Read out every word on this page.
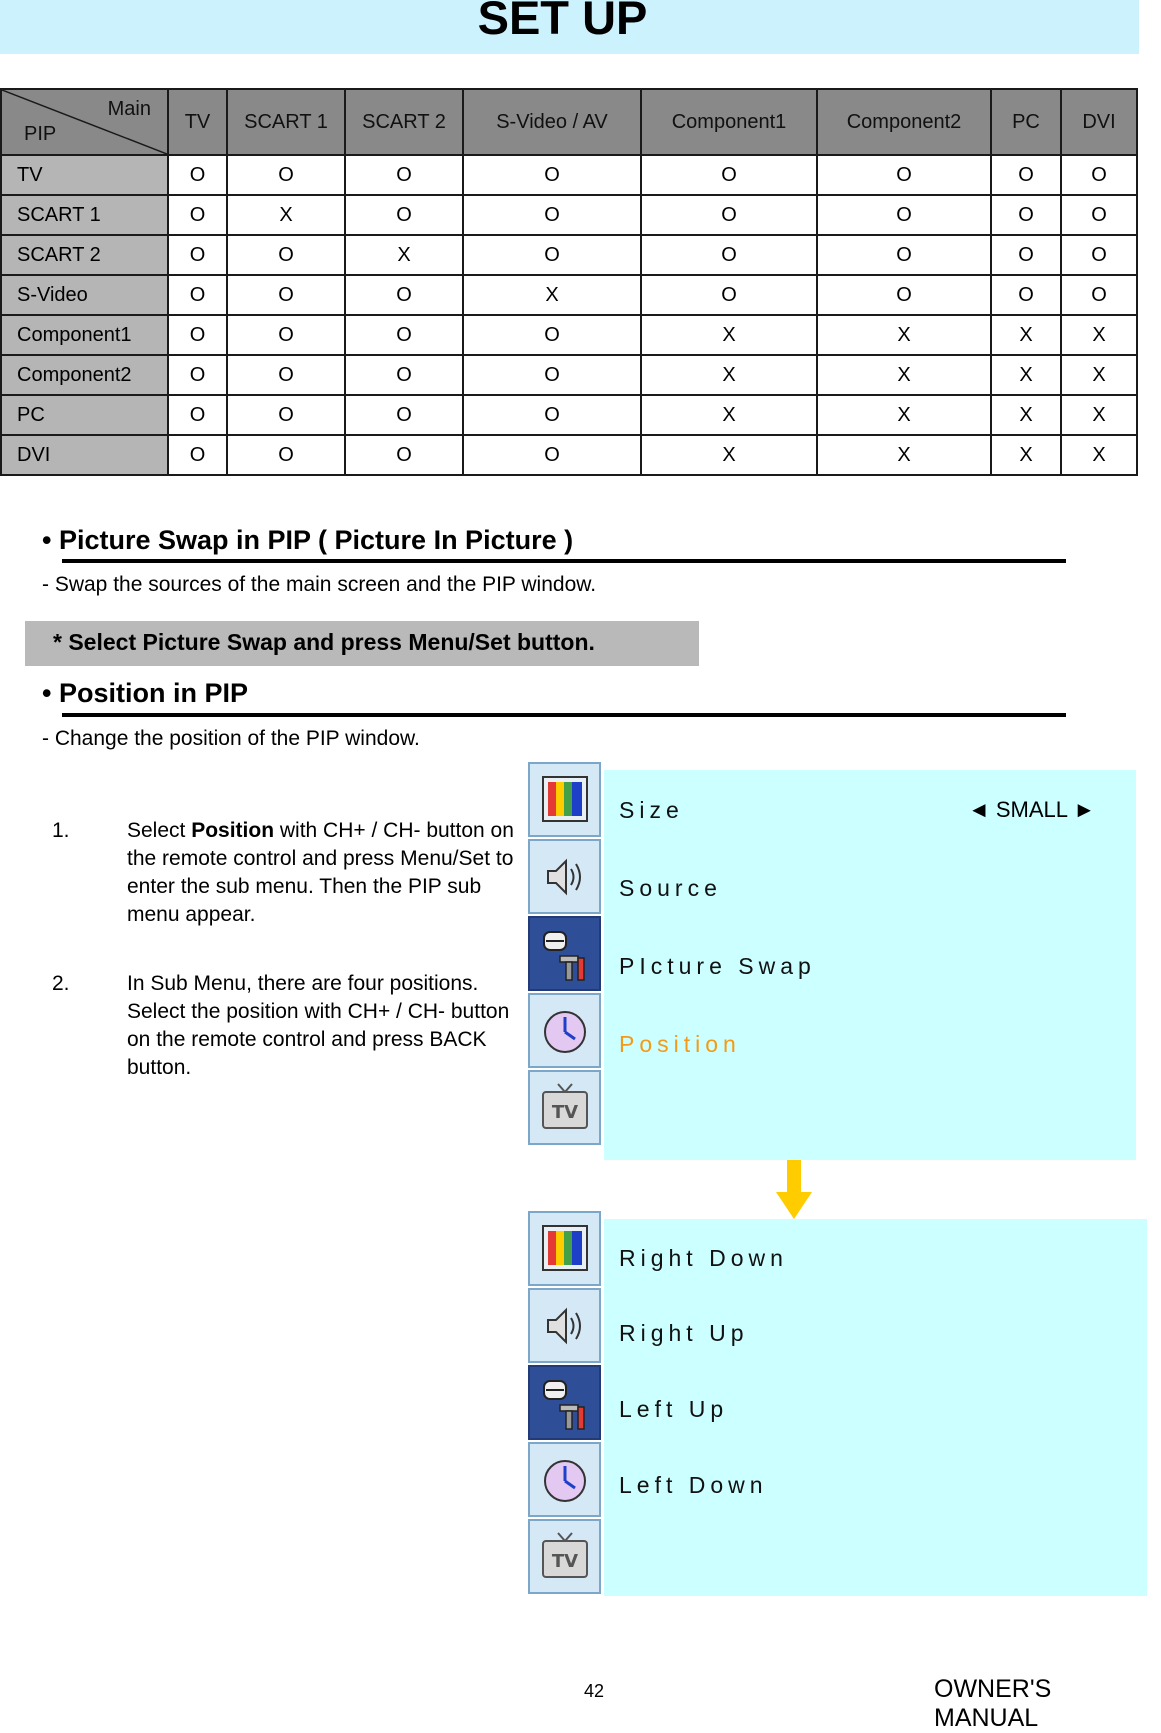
SET UP
Main
PIP	TV	SCART 1	SCART 2	S-Video / AV	Component1	Component2	PC	DVI
TV	O	O	O	O	O	O	O	O
SCART 1	O	X	O	O	O	O	O	O
SCART 2	O	O	X	O	O	O	O	O
S-Video	O	O	O	X	O	O	O	O
Component1	O	O	O	O	X	X	X	X
Component2	O	O	O	O	X	X	X	X
PC	O	O	O	O	X	X	X	X
DVI	O	O	O	O	X	X	X	X
• Picture Swap in PIP ( Picture In Picture )
- Swap the sources of the main screen and the PIP window.
* Select Picture Swap and press Menu/Set button.
• Position in PIP
- Change the position of the PIP window.
1.	Select Position with CH+ / CH- button on the remote control and press Menu/Set to enter the sub menu. Then the PIP sub menu appear.
2.	In Sub Menu, there are four positions. Select the position with CH+ / CH- button on the remote control and press BACK button.
TV
Size	◄ SMALL ►
Source
PIcture Swap
Position
TV
Right Down
Right Up
Left Up
Left Down
42	OWNER'S MANUAL
